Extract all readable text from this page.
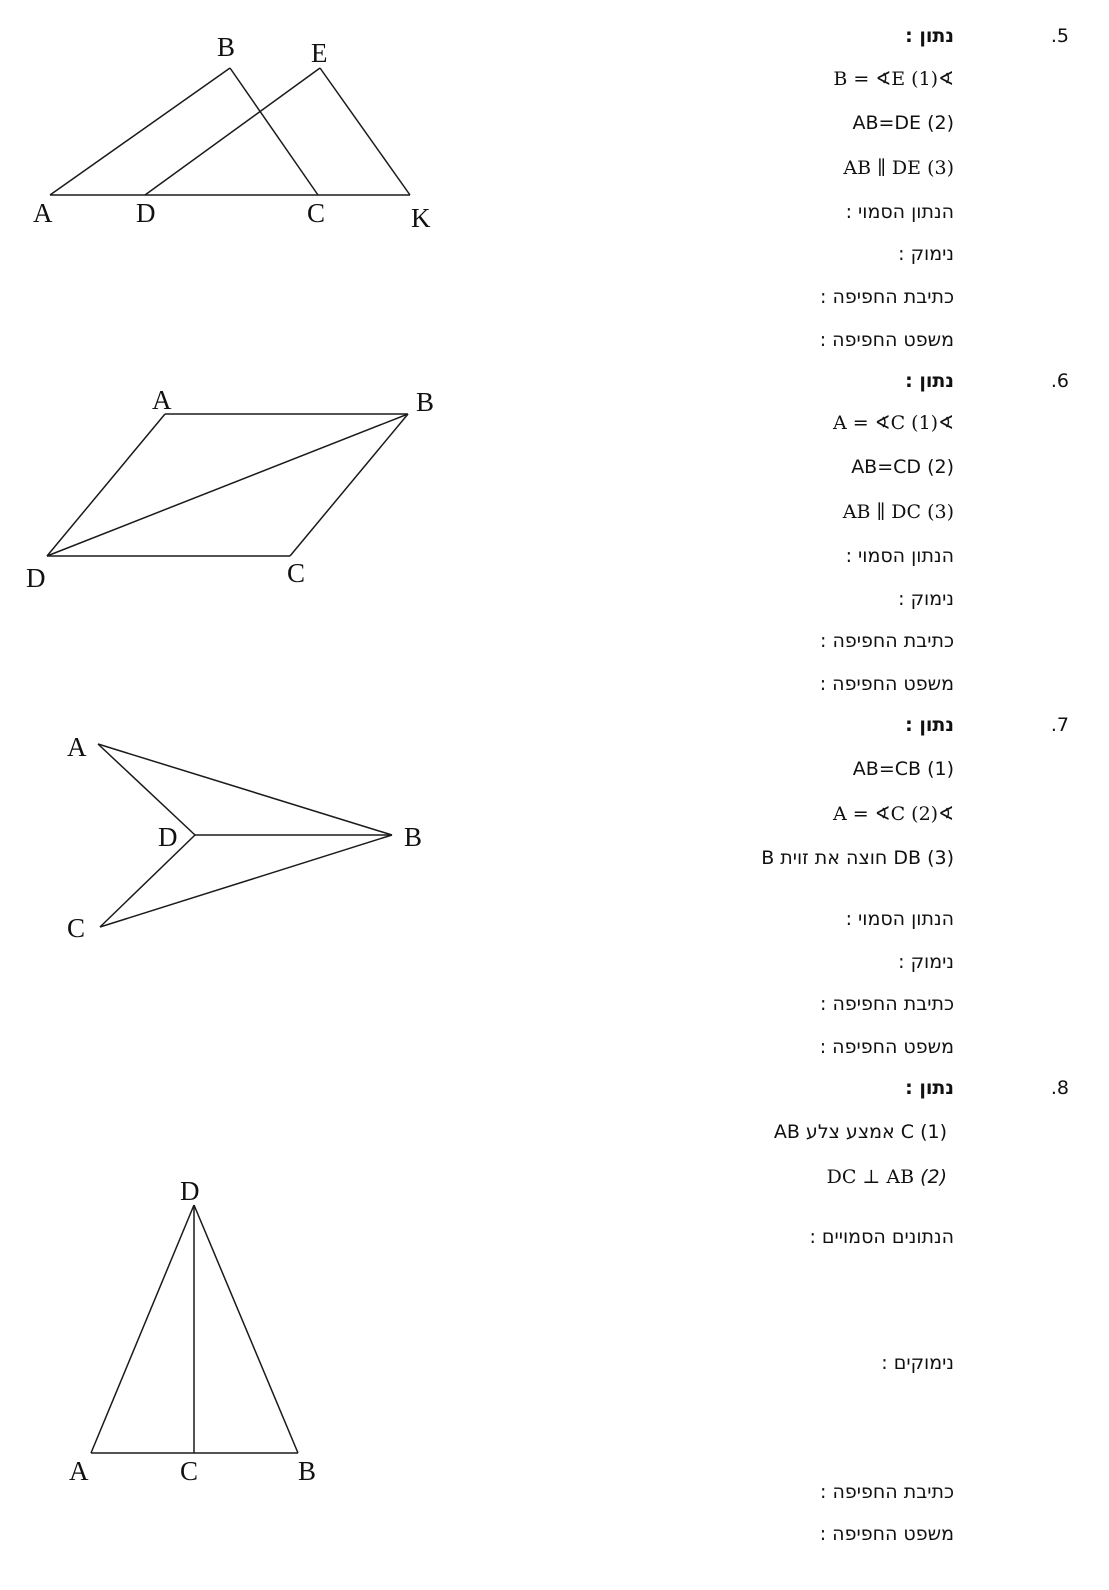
.5
נתון :
∢B = ∢E (1)
AB=DE (2)
AB ∥ DE (3)
הנתון הסמוי :
נימוק :
כתיבת החפיפה :
משפט החפיפה :
A
B
C
D
E
K
.6
נתון :
∢A = ∢C (1)
AB=CD (2)
AB ∥ DC (3)
הנתון הסמוי :
נימוק :
כתיבת החפיפה :
משפט החפיפה :
A	B
C
D
.7
נתון :
AB=CB (1)
∢A = ∢C (2)
(3) DB חוצה את זוית B
הנתון הסמוי :
נימוק :
כתיבת החפיפה :
משפט החפיפה :
A
B
C
D
.8
נתון :
(1) C אמצע צלע AB
DC ⊥ AB (2)
הנתונים הסמויים :
נימוקים :
כתיבת החפיפה :
משפט החפיפה :
A	B
C
D
